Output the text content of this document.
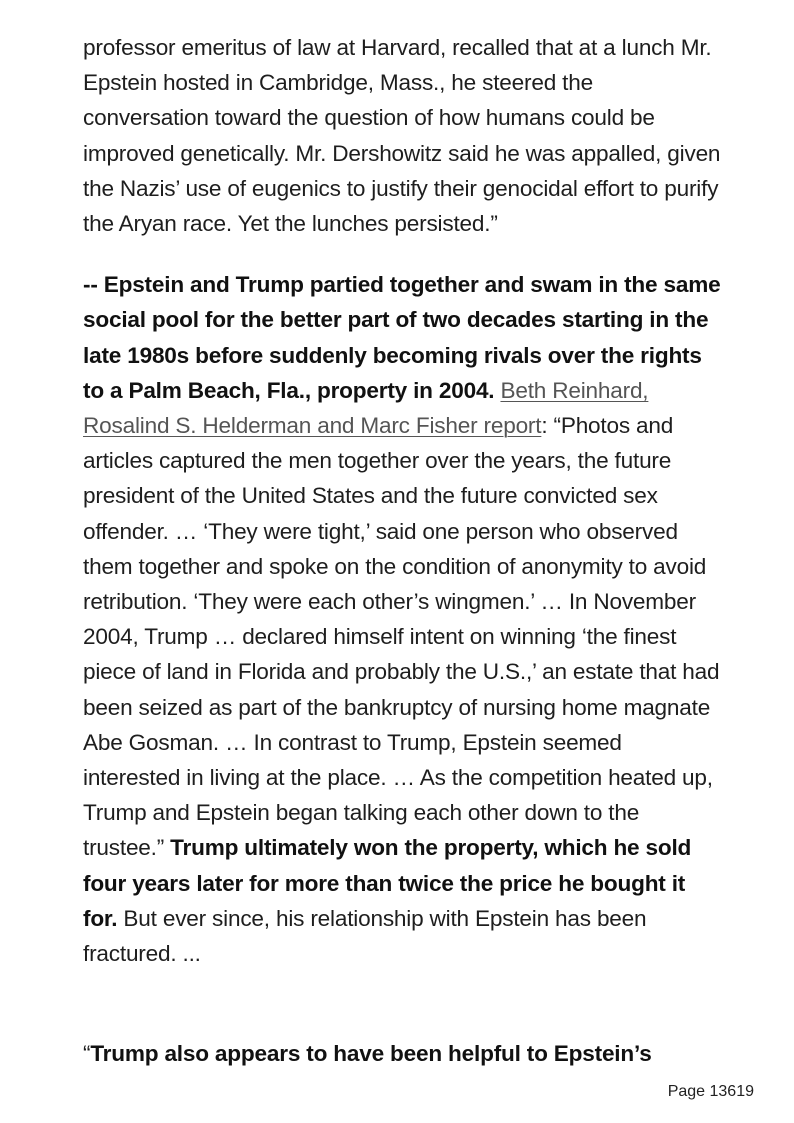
professor emeritus of law at Harvard, recalled that at a lunch Mr. Epstein hosted in Cambridge, Mass., he steered the conversation toward the question of how humans could be improved genetically. Mr. Dershowitz said he was appalled, given the Nazis’ use of eugenics to justify their genocidal effort to purify the Aryan race. Yet the lunches persisted.”

-- Epstein and Trump partied together and swam in the same social pool for the better part of two decades starting in the late 1980s before suddenly becoming rivals over the rights to a Palm Beach, Fla., property in 2004. Beth Reinhard, Rosalind S. Helderman and Marc Fisher report: “Photos and articles captured the men together over the years, the future president of the United States and the future convicted sex offender. … ‘They were tight,’ said one person who observed them together and spoke on the condition of anonymity to avoid retribution. ‘They were each other’s wingmen.’ … In November 2004, Trump … declared himself intent on winning ‘the finest piece of land in Florida and probably the U.S.,’ an estate that had been seized as part of the bankruptcy of nursing home magnate Abe Gosman. … In contrast to Trump, Epstein seemed interested in living at the place. … As the competition heated up, Trump and Epstein began talking each other down to the trustee.” Trump ultimately won the property, which he sold four years later for more than twice the price he bought it for. But ever since, his relationship with Epstein has been fractured. ...

“Trump also appears to have been helpful to Epstein’s
Page 13619
